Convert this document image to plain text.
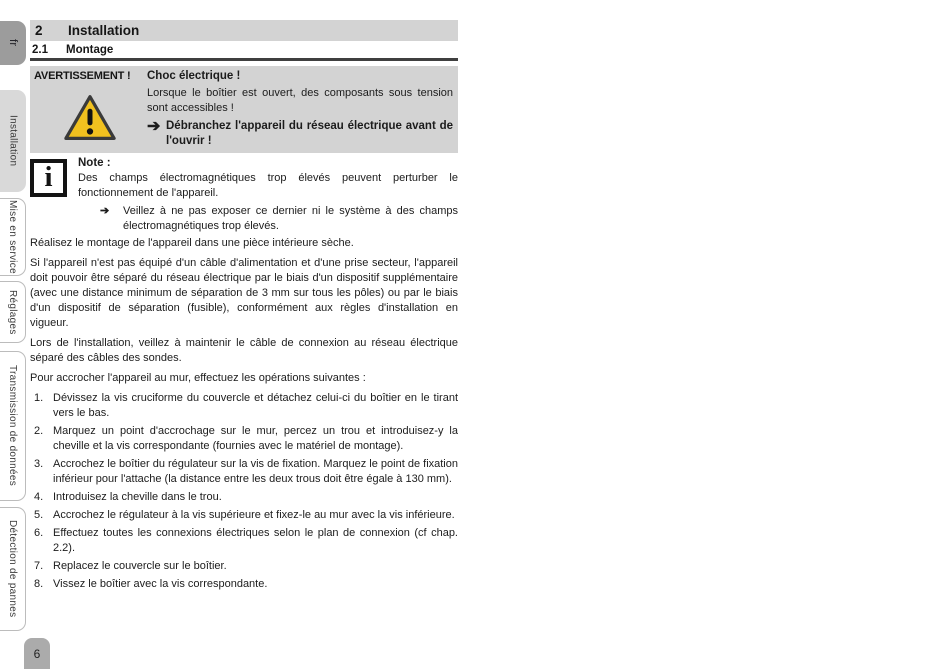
fr
Installation
Mise en service
Réglages
Transmission de données
Détection de pannes
6
2	Installation
2.1	Montage
AVERTISSEMENT ! Choc électrique !
Lorsque le boîtier est ouvert, des composants sous tension sont accessibles !
➔ Débranchez l'appareil du réseau électrique avant de l'ouvrir !
i Note :
Des champs électromagnétiques trop élevés peuvent perturber le fonctionnement de l'appareil.
➔	Veillez à ne pas exposer ce dernier ni le système à des champs électromagnétiques trop élevés.

Réalisez le montage de l'appareil dans une pièce intérieure sèche.

Si l'appareil n'est pas équipé d'un câble d'alimentation et d'une prise secteur, l'appareil doit pouvoir être séparé du réseau électrique par le biais d'un dispositif supplémentaire (avec une distance minimum de séparation de 3 mm sur tous les pôles) ou par le biais d'un dispositif de séparation (fusible), conformément aux règles d'installation en vigueur.

Lors de l'installation, veillez à maintenir le câble de connexion au réseau électrique séparé des câbles des sondes.

Pour accrocher l'appareil au mur, effectuez les opérations suivantes :

1. Dévissez la vis cruciforme du couvercle et détachez celui-ci du boîtier en le tirant vers le bas.
2. Marquez un point d'accrochage sur le mur, percez un trou et introduisez-y la cheville et la vis correspondante (fournies avec le matériel de montage).
3. Accrochez le boîtier du régulateur sur la vis de fixation. Marquez le point de fixation inférieur pour l'attache (la distance entre les deux trous doit être égale à 130 mm).
4. Introduisez la cheville dans le trou.
5. Accrochez le régulateur à la vis supérieure et fixez-le au mur avec la vis inférieure.
6. Effectuez toutes les connexions électriques selon le plan de connexion (cf chap. 2.2).
7. Replacez le couvercle sur le boîtier.
8. Vissez le boîtier avec la vis correspondante.
